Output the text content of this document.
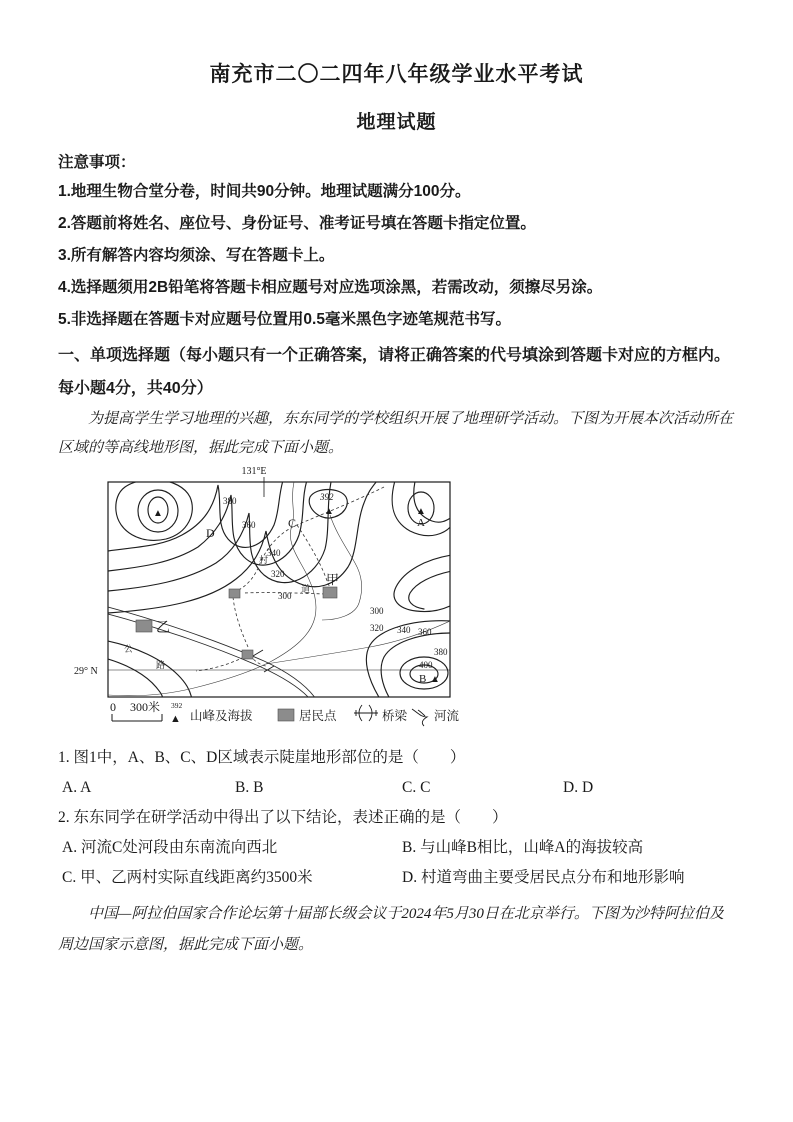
南充市二〇二四年八年级学业水平考试
地理试题

注意事项：

1.地理生物合堂分卷，时间共90分钟。地理试题满分100分。

2.答题前将姓名、座位号、身份证号、准考证号填在答题卡指定位置。

3.所有解答内容均须涂、写在答题卡上。

4.选择题须用2B铅笔将答题卡相应题号对应选项涂黑，若需改动，须擦尽另涂。

5.非选择题在答题卡对应题号位置用0.5毫米黑色字迹笔规范书写。

一、单项选择题（每小题只有一个正确答案，请将正确答案的代号填涂到答题卡对应的方框内。每小题4分，共40分）

为提高学生学习地理的兴趣，东东同学的学校组织开展了地理研学活动。下图为开展本次活动所在区域的等高线地形图，据此完成下面小题。

131°E
29° N
▲
392
▲	▲
A
▲
B
C
D
甲
乙
村
道
公
路
380
360
340
320
300
300
320 340 360
380
400
0 300米 392
▲ 山峰及海拔	居民点	桥梁 河流

1. 图1中，A、B、C、D区域表示陡崖地形部位的是（　　）

A. A	B. B	C. C	D. D

2. 东东同学在研学活动中得出了以下结论，表述正确的是（　　）

A. 河流C处河段由东南流向西北	B. 与山峰B相比，山峰A的海拔较高
C. 甲、乙两村实际直线距离约3500米	D. 村道弯曲主要受居民点分布和地形影响

中国—阿拉伯国家合作论坛第十届部长级会议于2024年5月30日在北京举行。下图为沙特阿拉伯及周边国家示意图，据此完成下面小题。
